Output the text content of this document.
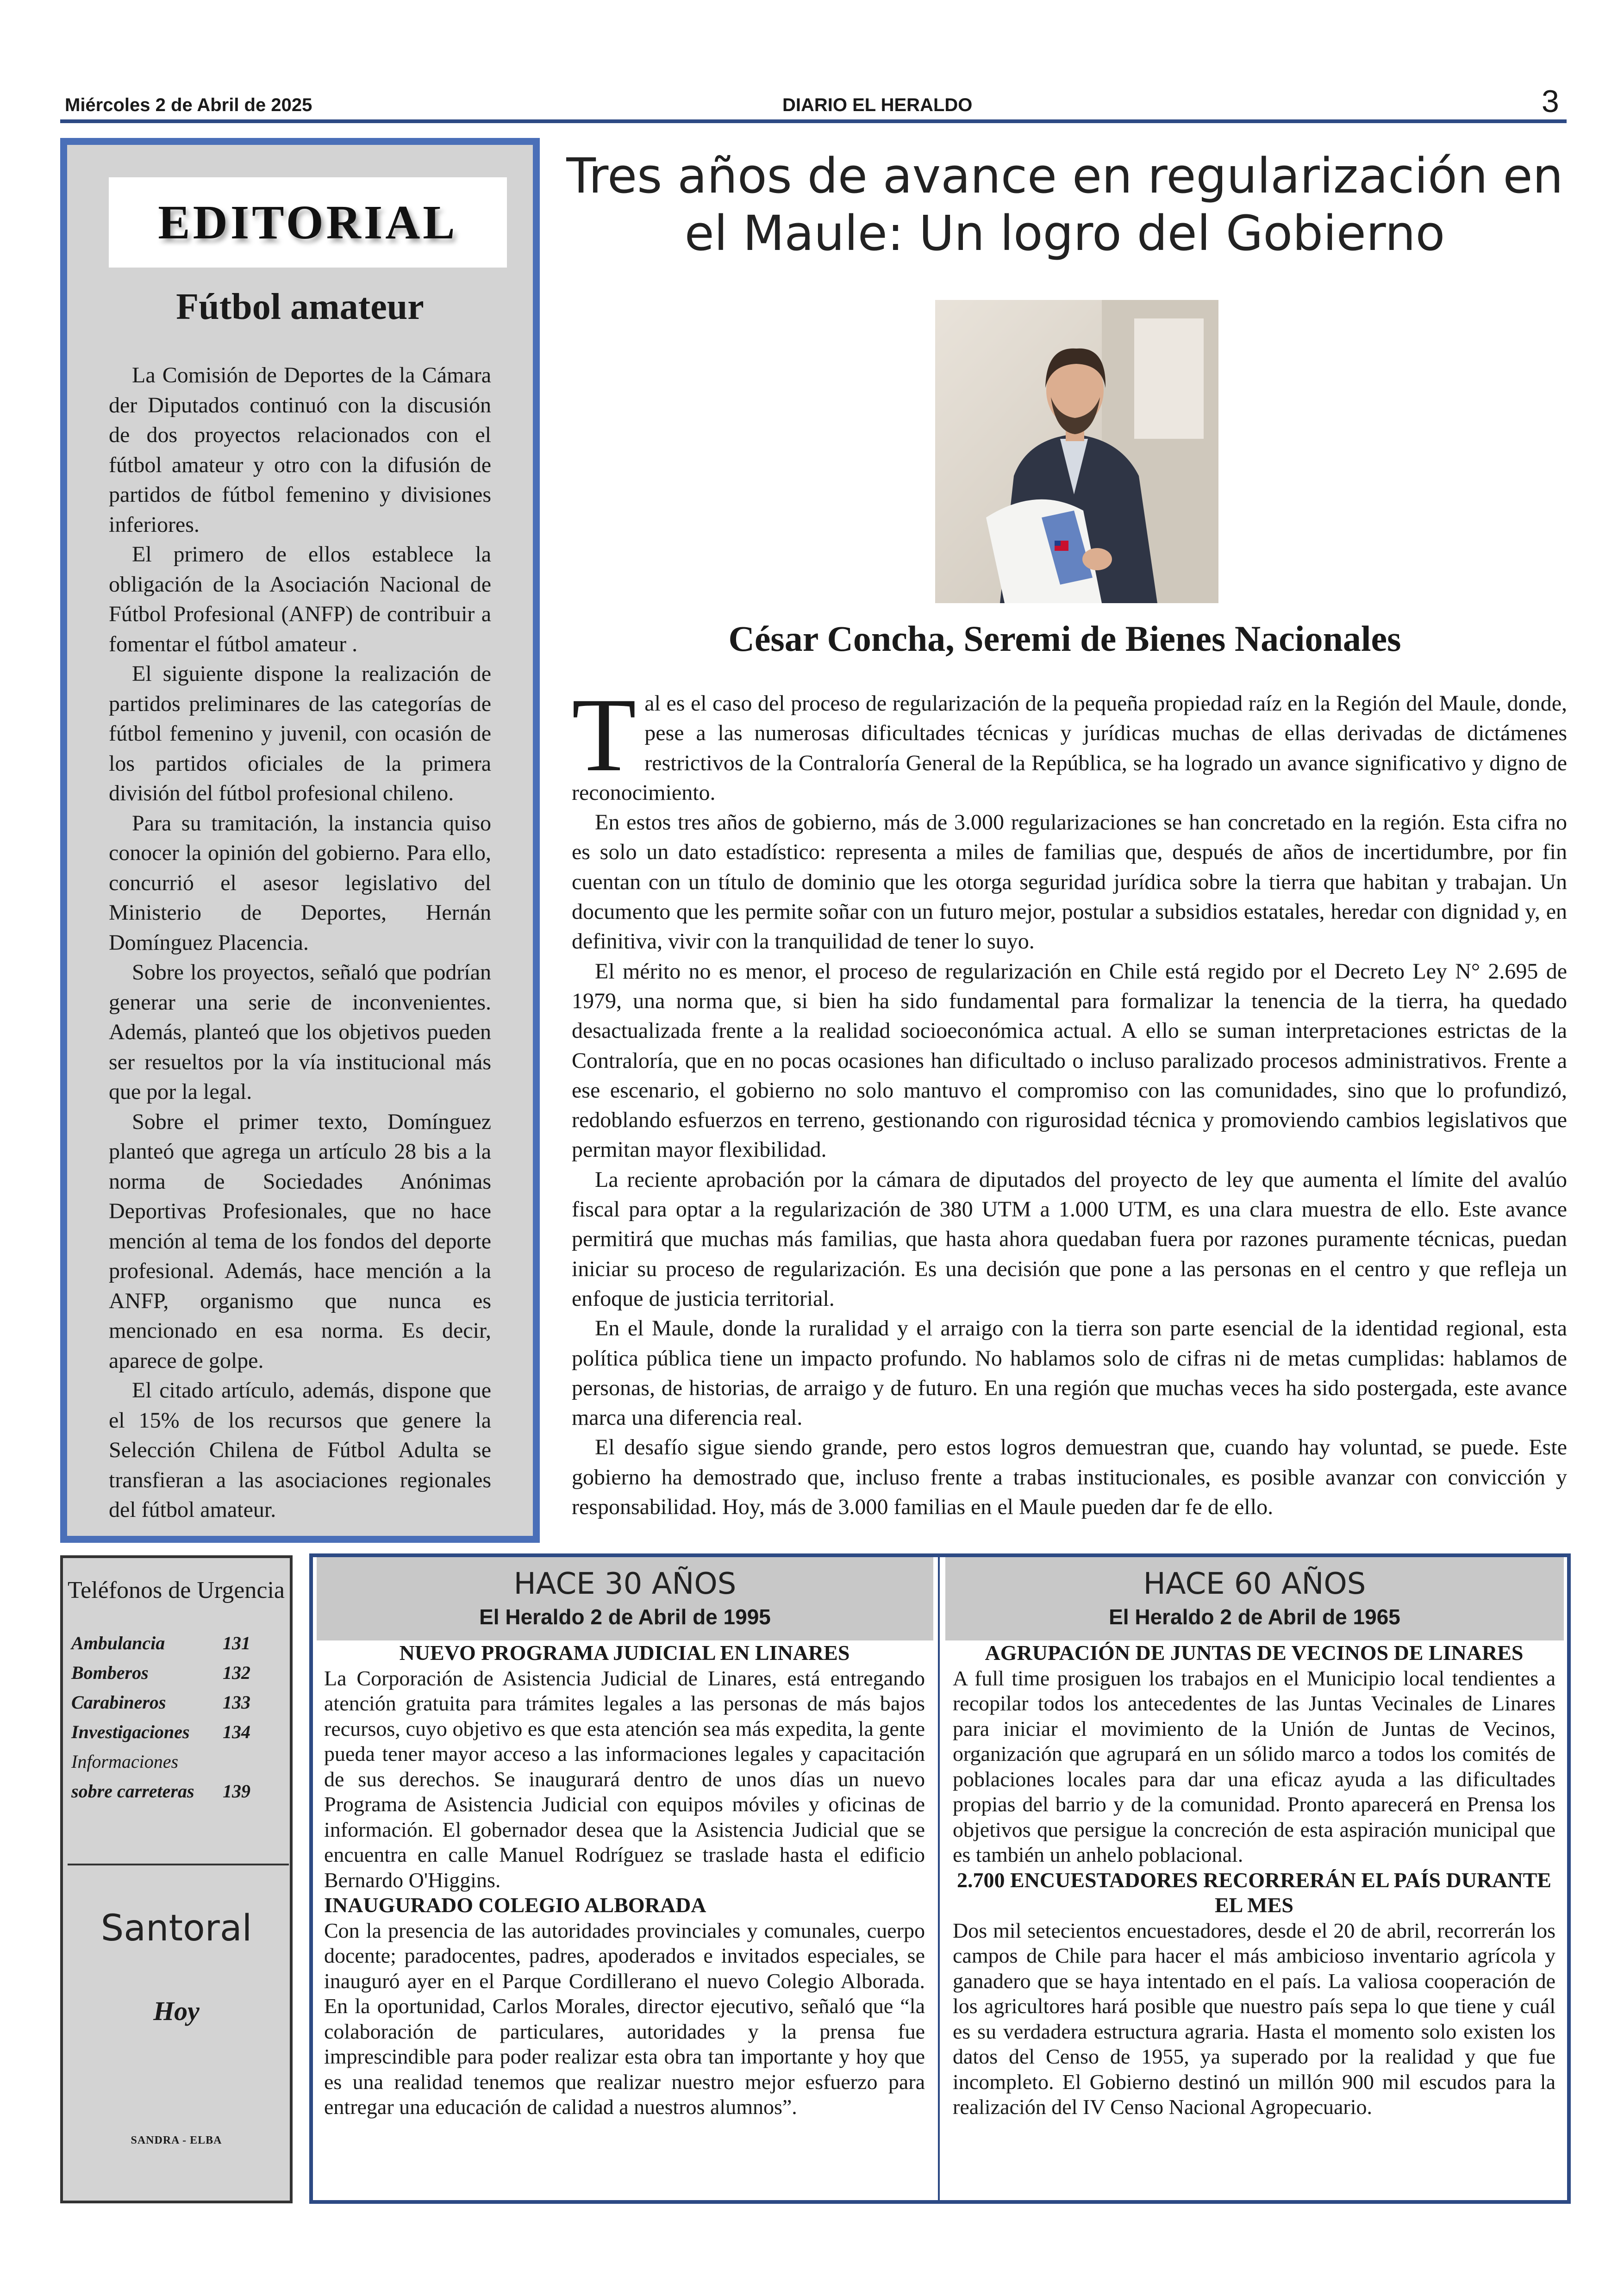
Miércoles 2 de Abril de 2025	DIARIO EL HERALDO	3
EDITORIAL
Fútbol amateur

La Comisión de Deportes de la Cámara der Diputados continuó con la discusión de dos proyectos relacionados con el fútbol amateur y otro con la difusión de partidos de fútbol femenino y divisiones inferiores.

El primero de ellos establece la obligación de la Asociación Nacional de Fútbol Profesional (ANFP) de contribuir a fomentar el fútbol amateur .

El siguiente dispone la realización de partidos preliminares de las categorías de fútbol femenino y juvenil, con ocasión de los partidos oficiales de la primera división del fútbol profesional chileno.

Para su tramitación, la instancia quiso conocer la opinión del gobierno. Para ello, concurrió el asesor legislativo del Ministerio de Deportes, Hernán Domínguez Placencia.

Sobre los proyectos, señaló que podrían generar una serie de inconvenientes. Además, planteó que los objetivos pueden ser resueltos por la vía institucional más que por la legal.

Sobre el primer texto, Domínguez planteó que agrega un artículo 28 bis a la norma de Sociedades Anónimas Deportivas Profesionales, que no hace mención al tema de los fondos del deporte profesional. Además, hace mención a la ANFP, organismo que nunca es mencionado en esa norma. Es decir, aparece de golpe.

El citado artículo, además, dispone que el 15% de los recursos que genere la Selección Chilena de Fútbol Adulta se transfieran a las asociaciones regionales del fútbol amateur.

Tres años de avance en regularización en el Maule: Un logro del Gobierno
César Concha, Seremi de Bienes Nacionales

Tal es el caso del proceso de regularización de la pequeña propiedad raíz en la Región del Maule, donde, pese a las numerosas dificultades técnicas y jurídicas muchas de ellas derivadas de dictámenes restrictivos de la Contraloría General de la República, se ha logrado un avance significativo y digno de reconocimiento.

En estos tres años de gobierno, más de 3.000 regularizaciones se han concretado en la región. Esta cifra no es solo un dato estadístico: representa a miles de familias que, después de años de incertidumbre, por fin cuentan con un título de dominio que les otorga seguridad jurídica sobre la tierra que habitan y trabajan. Un documento que les permite soñar con un futuro mejor, postular a subsidios estatales, heredar con dignidad y, en definitiva, vivir con la tranquilidad de tener lo suyo.

El mérito no es menor, el proceso de regularización en Chile está regido por el Decreto Ley N° 2.695 de 1979, una norma que, si bien ha sido fundamental para formalizar la tenencia de la tierra, ha quedado desactualizada frente a la realidad socioeconómica actual. A ello se suman interpretaciones estrictas de la Contraloría, que en no pocas ocasiones han dificultado o incluso paralizado procesos administrativos. Frente a ese escenario, el gobierno no solo mantuvo el compromiso con las comunidades, sino que lo profundizó, redoblando esfuerzos en terreno, gestionando con rigurosidad técnica y promoviendo cambios legislativos que permitan mayor flexibilidad.

La reciente aprobación por la cámara de diputados del proyecto de ley que aumenta el límite del avalúo fiscal para optar a la regularización de 380 UTM a 1.000 UTM, es una clara muestra de ello. Este avance permitirá que muchas más familias, que hasta ahora quedaban fuera por razones puramente técnicas, puedan iniciar su proceso de regularización. Es una decisión que pone a las personas en el centro y que refleja un enfoque de justicia territorial.

En el Maule, donde la ruralidad y el arraigo con la tierra son parte esencial de la identidad regional, esta política pública tiene un impacto profundo. No hablamos solo de cifras ni de metas cumplidas: hablamos de personas, de historias, de arraigo y de futuro. En una región que muchas veces ha sido postergada, este avance marca una diferencia real.

El desafío sigue siendo grande, pero estos logros demuestran que, cuando hay voluntad, se puede. Este gobierno ha demostrado que, incluso frente a trabas institucionales, es posible avanzar con convicción y responsabilidad. Hoy, más de 3.000 familias en el Maule pueden dar fe de ello.

Teléfonos de Urgencia
Ambulancia	131
Bomberos	132
Carabineros	133
Investigaciones 134
Informaciones
sobre carreteras 139
Santoral
Hoy
SANDRA - ELBA
HACE 30 AÑOS
El Heraldo 2 de Abril de 1995
NUEVO PROGRAMA JUDICIAL EN LINARES

La Corporación de Asistencia Judicial de Linares, está entregando atención gratuita para trámites legales a las personas de más bajos recursos, cuyo objetivo es que esta atención sea más expedita, la gente pueda tener mayor acceso a las informaciones legales y capacitación de sus derechos. Se inaugurará dentro de unos días un nuevo Programa de Asistencia Judicial con equipos móviles y oficinas de información. El gobernador desea que la Asistencia Judicial que se encuentra en calle Manuel Rodríguez se traslade hasta el edificio Bernardo O'Higgins.

INAUGURADO COLEGIO ALBORADA

Con la presencia de las autoridades provinciales y comunales, cuerpo docente; paradocentes, padres, apoderados e invitados especiales, se inauguró ayer en el Parque Cordillerano el nuevo Colegio Alborada. En la oportunidad, Carlos Morales, director ejecutivo, señaló que “la colaboración de particulares, autoridades y la prensa fue imprescindible para poder realizar esta obra tan importante y hoy que es una realidad tenemos que realizar nuestro mejor esfuerzo para entregar una educación de calidad a nuestros alumnos”.

HACE 60 AÑOS
El Heraldo 2 de Abril de 1965
AGRUPACIÓN DE JUNTAS DE VECINOS DE LINARES

A full time prosiguen los trabajos en el Municipio local tendientes a recopilar todos los antecedentes de las Juntas Vecinales de Linares para iniciar el movimiento de la Unión de Juntas de Vecinos, organización que agrupará en un sólido marco a todos los comités de poblaciones locales para dar una eficaz ayuda a las dificultades propias del barrio y de la comunidad. Pronto aparecerá en Prensa los objetivos que persigue la concreción de esta aspiración municipal que es también un anhelo poblacional.

2.700 ENCUESTADORES RECORRERÁN EL PAÍS DURANTE EL MES

Dos mil setecientos encuestadores, desde el 20 de abril, recorrerán los campos de Chile para hacer el más ambicioso inventario agrícola y ganadero que se haya intentado en el país. La valiosa cooperación de los agricultores hará posible que nuestro país sepa lo que tiene y cuál es su verdadera estructura agraria. Hasta el momento solo existen los datos del Censo de 1955, ya superado por la realidad y que fue incompleto. El Gobierno destinó un millón 900 mil escudos para la realización del IV Censo Nacional Agropecuario.
